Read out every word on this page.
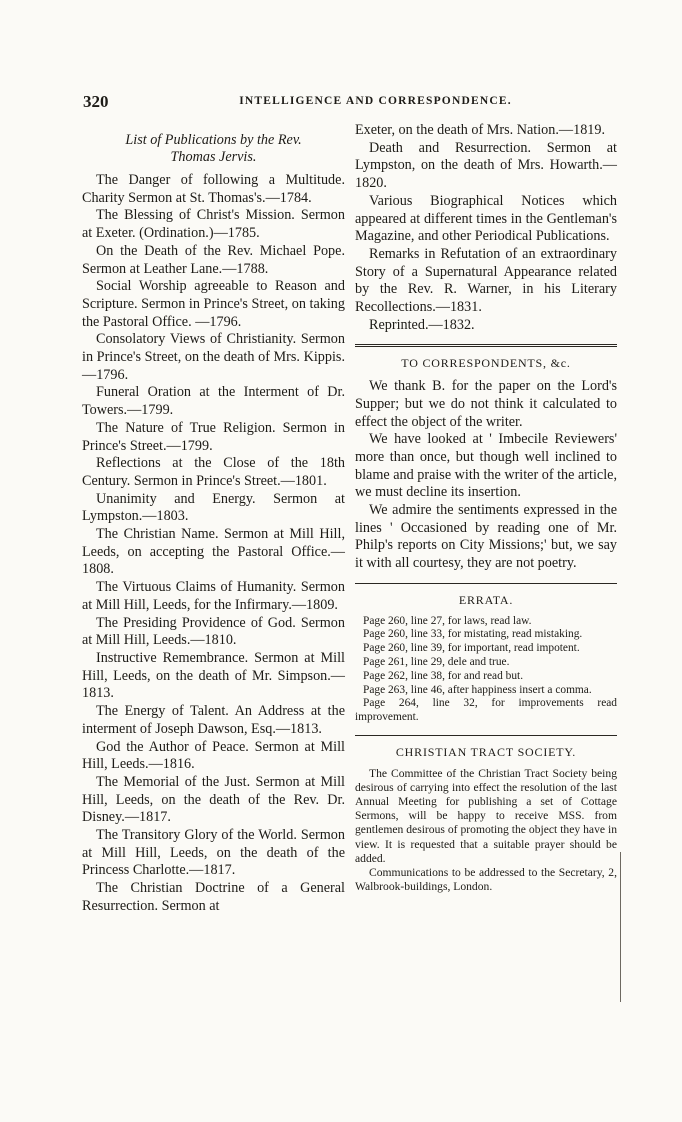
320	INTELLIGENCE AND CORRESPONDENCE.
List of Publications by the Rev.
Thomas Jervis.

The Danger of following a Multitude. Charity Sermon at St. Thomas's.—1784.

The Blessing of Christ's Mission. Sermon at Exeter. (Ordination.)—1785.

On the Death of the Rev. Michael Pope. Sermon at Leather Lane.—1788.

Social Worship agreeable to Reason and Scripture. Sermon in Prince's Street, on taking the Pastoral Office. —1796.

Consolatory Views of Christianity. Sermon in Prince's Street, on the death of Mrs. Kippis.—1796.

Funeral Oration at the Interment of Dr. Towers.—1799.

The Nature of True Religion. Sermon in Prince's Street.—1799.

Reflections at the Close of the 18th Century. Sermon in Prince's Street.—1801.

Unanimity and Energy. Sermon at Lympston.—1803.

The Christian Name. Sermon at Mill Hill, Leeds, on accepting the Pastoral Office.—1808.

The Virtuous Claims of Humanity. Sermon at Mill Hill, Leeds, for the Infirmary.—1809.

The Presiding Providence of God. Sermon at Mill Hill, Leeds.—1810.

Instructive Remembrance. Sermon at Mill Hill, Leeds, on the death of Mr. Simpson.—1813.

The Energy of Talent. An Address at the interment of Joseph Dawson, Esq.—1813.

God the Author of Peace. Sermon at Mill Hill, Leeds.—1816.

The Memorial of the Just. Sermon at Mill Hill, Leeds, on the death of the Rev. Dr. Disney.—1817.

The Transitory Glory of the World. Sermon at Mill Hill, Leeds, on the death of the Princess Charlotte.—1817.

The Christian Doctrine of a General Resurrection. Sermon at

Exeter, on the death of Mrs. Nation.—1819.

Death and Resurrection. Sermon at Lympston, on the death of Mrs. Howarth.—1820.

Various Biographical Notices which appeared at different times in the Gentleman's Magazine, and other Periodical Publications.

Remarks in Refutation of an extraordinary Story of a Supernatural Appearance related by the Rev. R. Warner, in his Literary Recollections.—1831.

Reprinted.—1832.

TO CORRESPONDENTS, &c.

We thank B. for the paper on the Lord's Supper; but we do not think it calculated to effect the object of the writer.

We have looked at ' Imbecile Reviewers' more than once, but though well inclined to blame and praise with the writer of the article, we must decline its insertion.

We admire the sentiments expressed in the lines ' Occasioned by reading one of Mr. Philp's reports on City Missions;' but, we say it with all courtesy, they are not poetry.

ERRATA.

Page 260, line 27, for laws, read law.

Page 260, line 33, for mistating, read mistaking.

Page 260, line 39, for important, read impotent.

Page 261, line 29, dele and true.

Page 262, line 38, for and read but.

Page 263, line 46, after happiness insert a comma.

Page 264, line 32, for improvements read improvement.

CHRISTIAN TRACT SOCIETY.

The Committee of the Christian Tract Society being desirous of carrying into effect the resolution of the last Annual Meeting for publishing a set of Cottage Sermons, will be happy to receive MSS. from gentlemen desirous of promoting the object they have in view. It is requested that a suitable prayer should be added.

Communications to be addressed to the Secretary, 2, Walbrook-buildings, London.
